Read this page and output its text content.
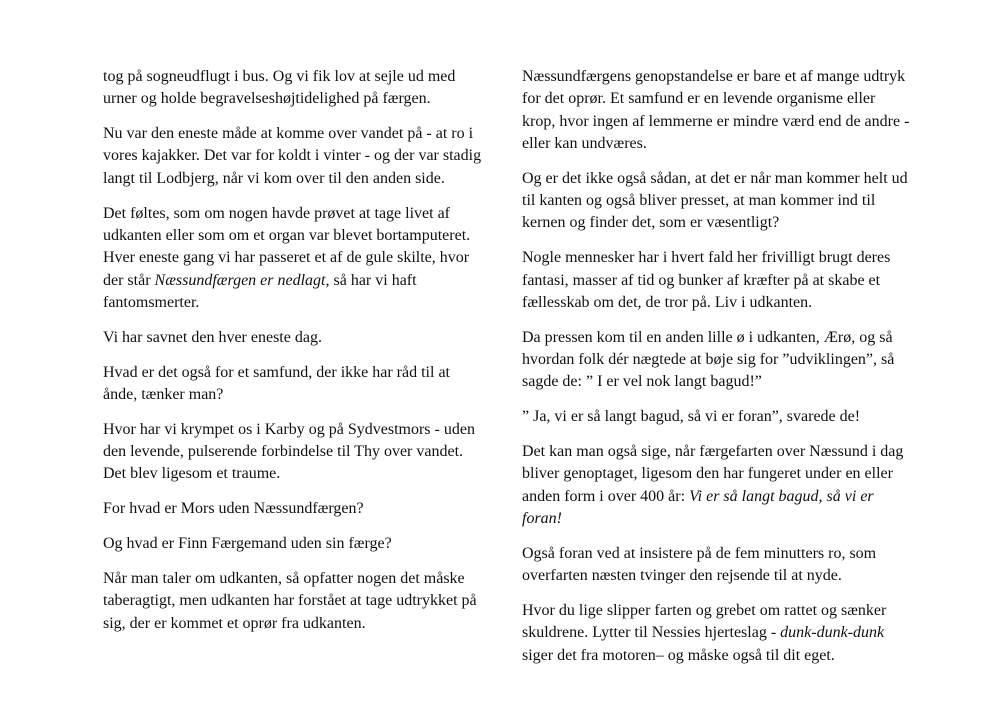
tog på sogneudflugt i bus. Og vi fik lov at sejle ud med urner og holde begravelseshøjtidelighed på færgen.

Nu var den eneste måde at komme over vandet på - at ro i vores kajakker. Det var for koldt i vinter - og der var stadig langt til Lodbjerg, når vi kom over til den anden side.

Det føltes, som om nogen havde prøvet at tage livet af udkanten eller som om et organ var blevet bortamputeret. Hver eneste gang vi har passeret et af de gule skilte, hvor der står Næssundfærgen er nedlagt, så har vi haft fantomsmerter.

Vi har savnet den hver eneste dag.

Hvad er det også for et samfund, der ikke har råd til at ånde, tænker man?

Hvor har vi krympet os i Karby og på Sydvestmors - uden den levende, pulserende forbindelse til Thy over vandet. Det blev ligesom et traume.

For hvad er Mors uden Næssundfærgen?

Og hvad er Finn Færgemand uden sin færge?

Når man taler om udkanten, så opfatter nogen det måske taberagtigt, men udkanten har forstået at tage udtrykket på sig, der er kommet et oprør fra udkanten.

Næssundfærgens genopstandelse er bare et af mange udtryk for det oprør. Et samfund er en levende organisme eller krop, hvor ingen af lemmerne er mindre værd end de andre - eller kan undværes.

Og er det ikke også sådan, at det er når man kommer helt ud til kanten og også bliver presset, at man kommer ind til kernen og finder det, som er væsentligt?

Nogle mennesker har i hvert fald her frivilligt brugt deres fantasi, masser af tid og bunker af kræfter på at skabe et fællesskab om det, de tror på. Liv i udkanten.

Da pressen kom til en anden lille ø i udkanten, Ærø, og så hvordan folk dér nægtede at bøje sig for ”udviklingen”, så sagde de: ” I er vel nok langt bagud!”

” Ja, vi er så langt bagud, så vi er foran”, svarede de!

Det kan man også sige, når færgefarten over Næssund i dag bliver genoptaget, ligesom den har fungeret under en eller anden form i over 400 år: Vi er så langt bagud, så vi er foran!

Også foran ved at insistere på de fem minutters ro, som overfarten næsten tvinger den rejsende til at nyde.

Hvor du lige slipper farten og grebet om rattet og sænker skuldrene. Lytter til Nessies hjerteslag - dunk-dunk-dunk siger det fra motoren– og måske også til dit eget.
